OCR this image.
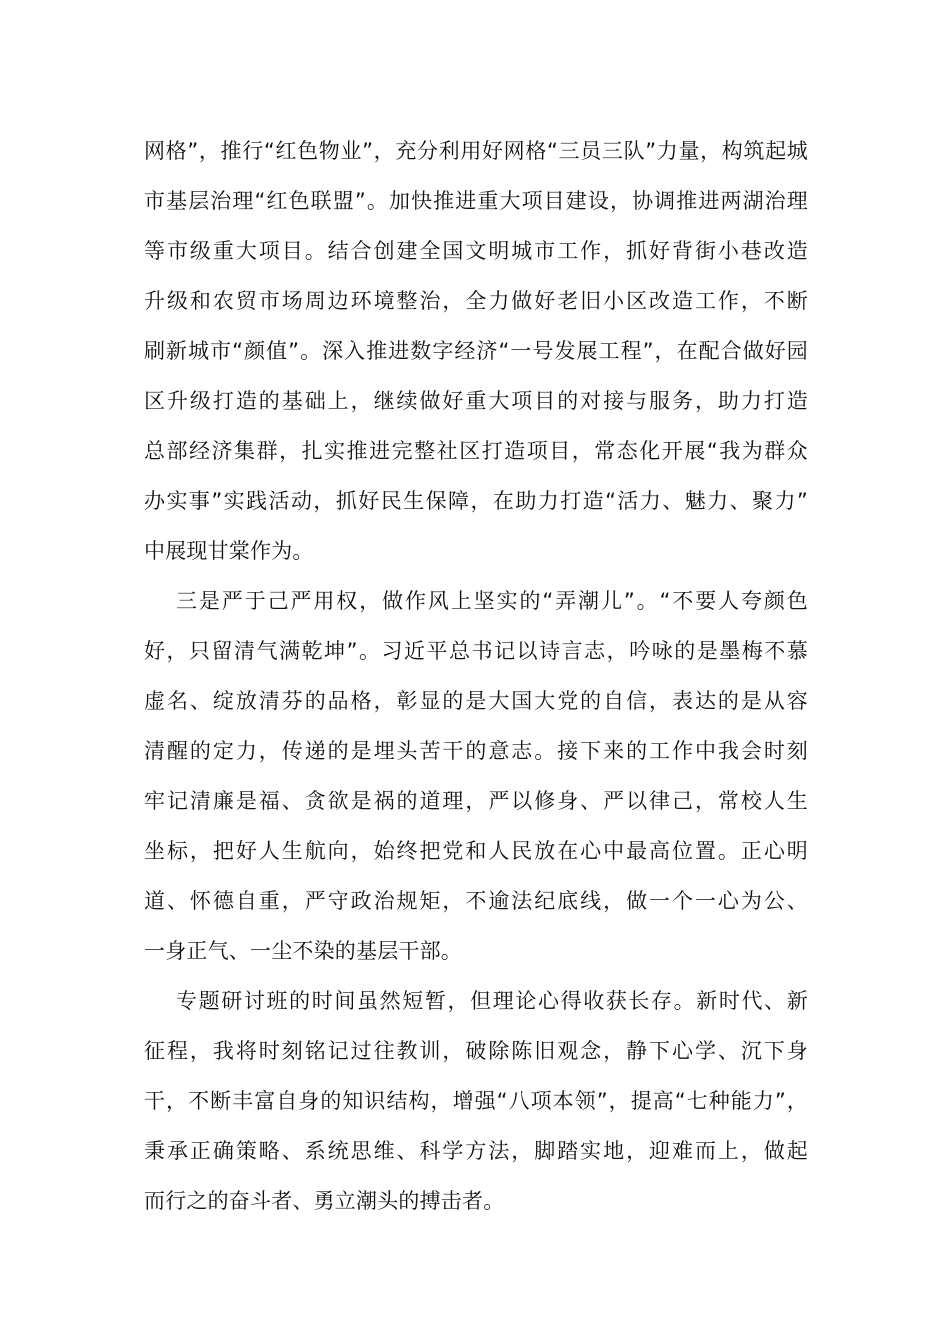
网格”，推行“红色物业”，充分利用好网格“三员三队”力量，构筑起城
市基层治理“红色联盟”。加快推进重大项目建设，协调推进两湖治理
等市级重大项目。结合创建全国文明城市工作，抓好背街小巷改造
升级和农贸市场周边环境整治，全力做好老旧小区改造工作，不断
刷新城市“颜值”。深入推进数字经济“一号发展工程”，在配合做好园
区升级打造的基础上，继续做好重大项目的对接与服务，助力打造
总部经济集群，扎实推进完整社区打造项目，常态化开展“我为群众
办实事”实践活动，抓好民生保障，在助力打造“活力、魅力、聚力”
中展现甘棠作为。
三是严于己严用权，做作风上坚实的“弄潮儿”。“不要人夸颜色
好，只留清气满乾坤”。习近平总书记以诗言志，吟咏的是墨梅不慕
虚名、绽放清芬的品格，彰显的是大国大党的自信，表达的是从容
清醒的定力，传递的是埋头苦干的意志。接下来的工作中我会时刻
牢记清廉是福、贪欲是祸的道理，严以修身、严以律己，常校人生
坐标，把好人生航向，始终把党和人民放在心中最高位置。正心明
道、怀德自重，严守政治规矩，不逾法纪底线，做一个一心为公、
一身正气、一尘不染的基层干部。
专题研讨班的时间虽然短暂，但理论心得收获长存。新时代、新
征程，我将时刻铭记过往教训，破除陈旧观念，静下心学、沉下身
干，不断丰富自身的知识结构，增强“八项本领”，提高“七种能力”，
秉承正确策略、系统思维、科学方法，脚踏实地，迎难而上，做起
而行之的奋斗者、勇立潮头的搏击者。
